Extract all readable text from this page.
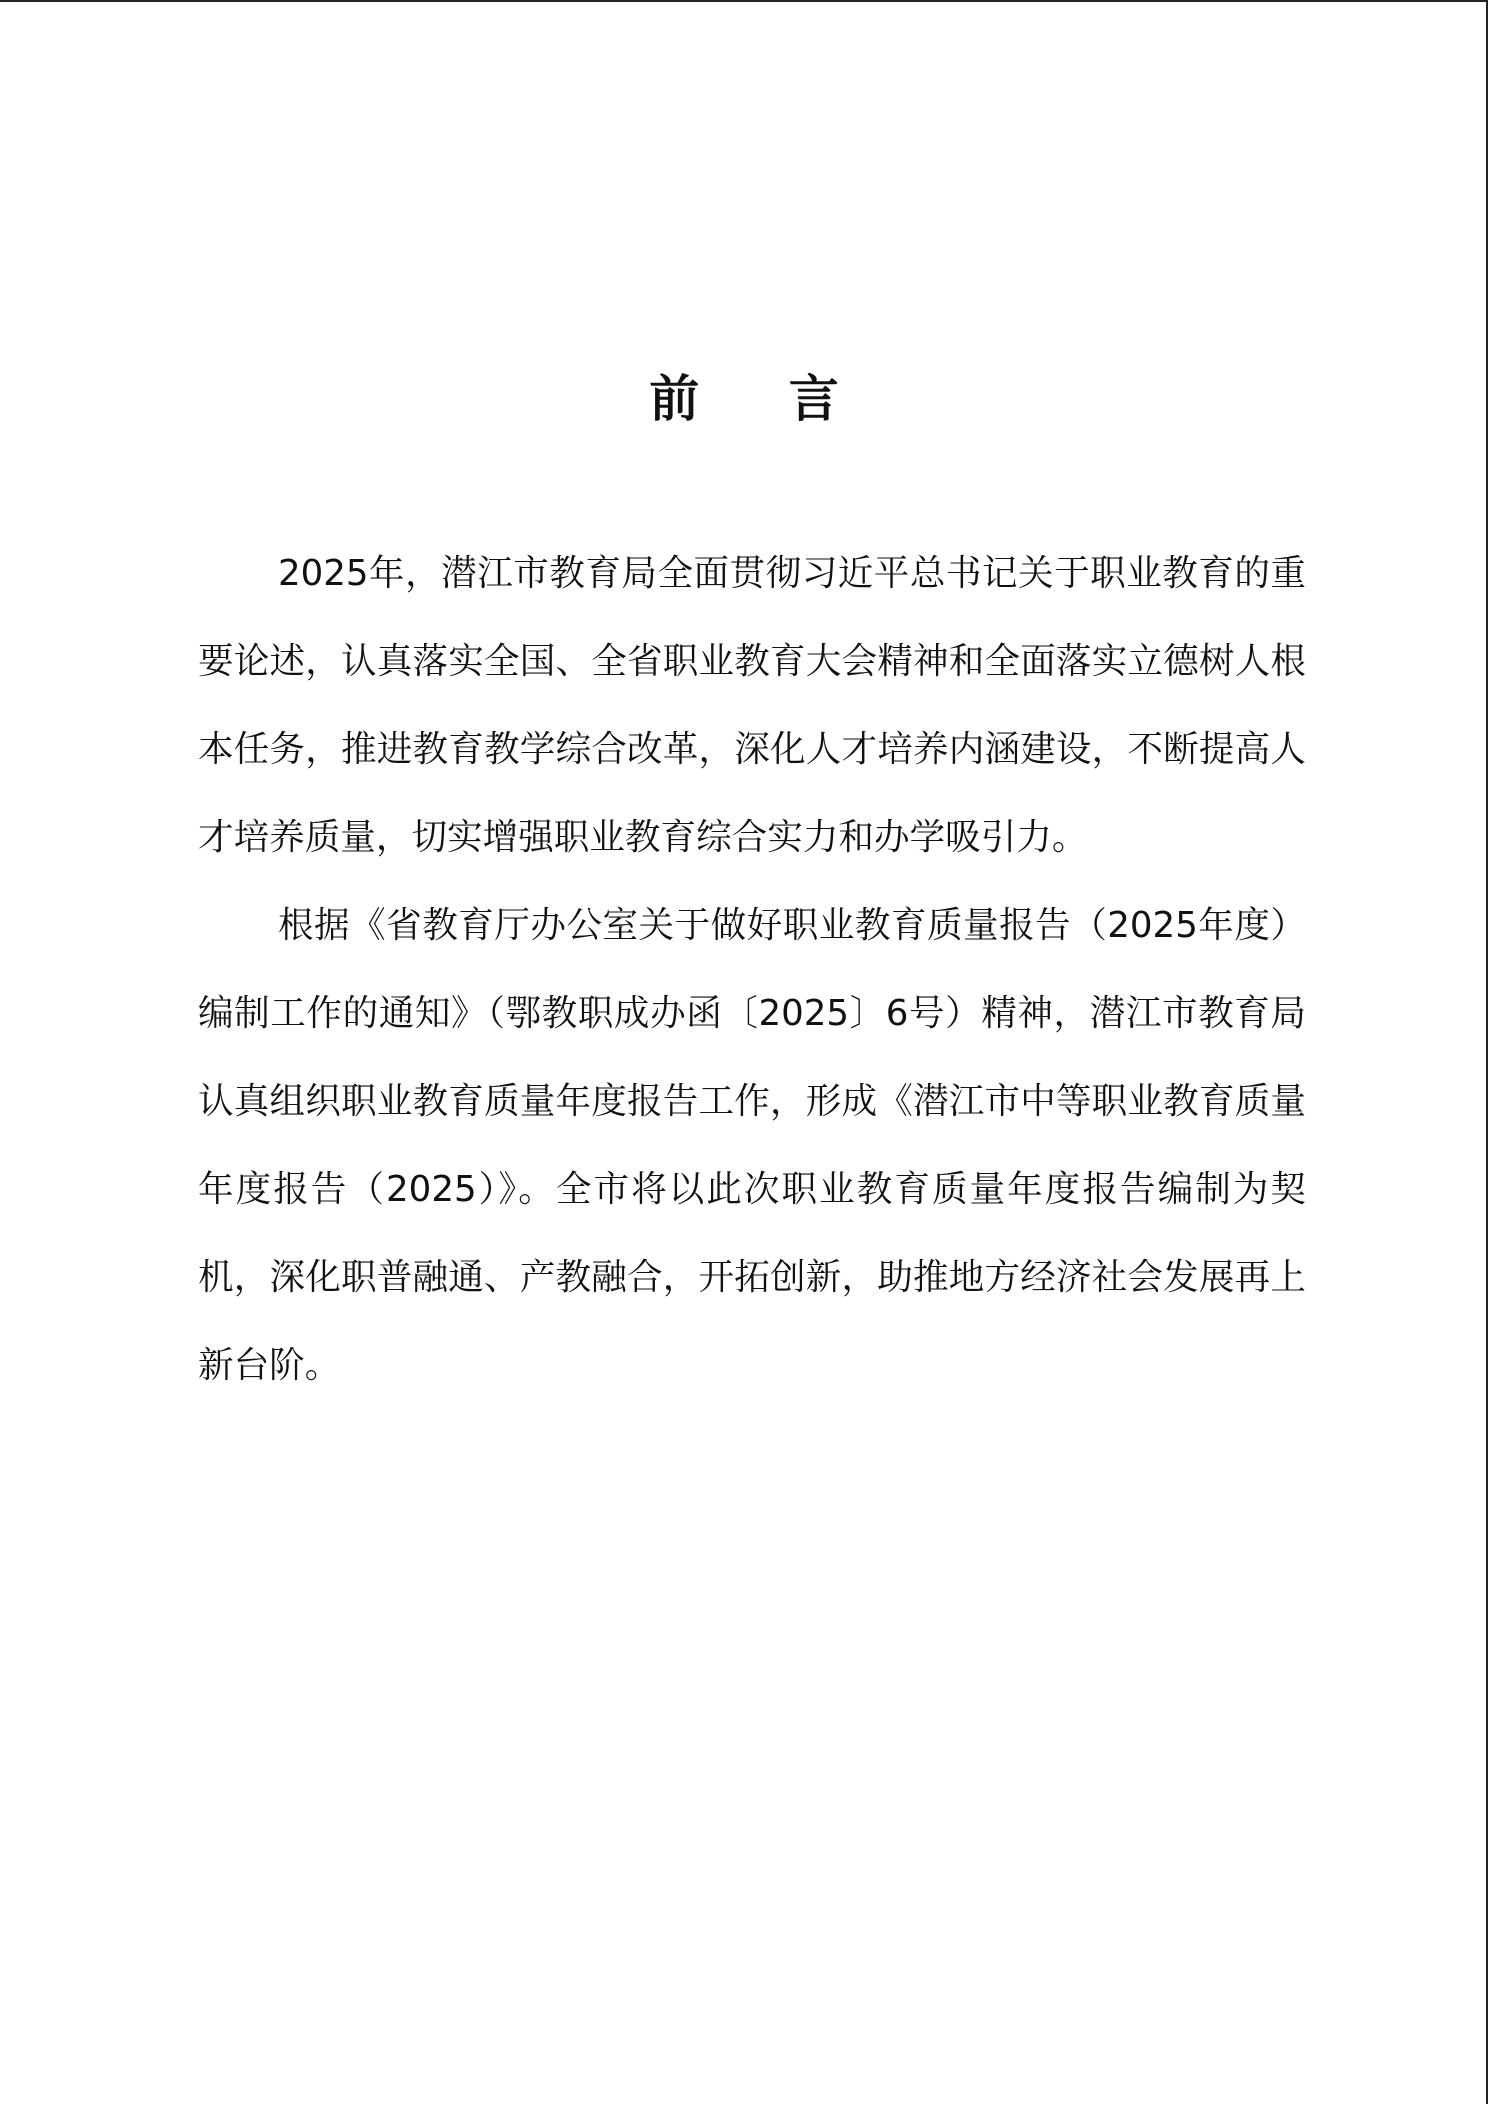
前 言

2025年，潜江市教育局全面贯彻习近平总书记关于职业教育的重要论述，认真落实全国、全省职业教育大会精神和全面落实立德树人根本任务，推进教育教学综合改革，深化人才培养内涵建设，不断提高人才培养质量，切实增强职业教育综合实力和办学吸引力。

根据《省教育厅办公室关于做好职业教育质量报告（2025年度）编制工作的通知》（鄂教职成办函〔2025〕6号）精神，潜江市教育局认真组织职业教育质量年度报告工作，形成《潜江市中等职业教育质量年度报告（2025）》。全市将以此次职业教育质量年度报告编制为契机，深化职普融通、产教融合，开拓创新，助推地方经济社会发展再上新台阶。
